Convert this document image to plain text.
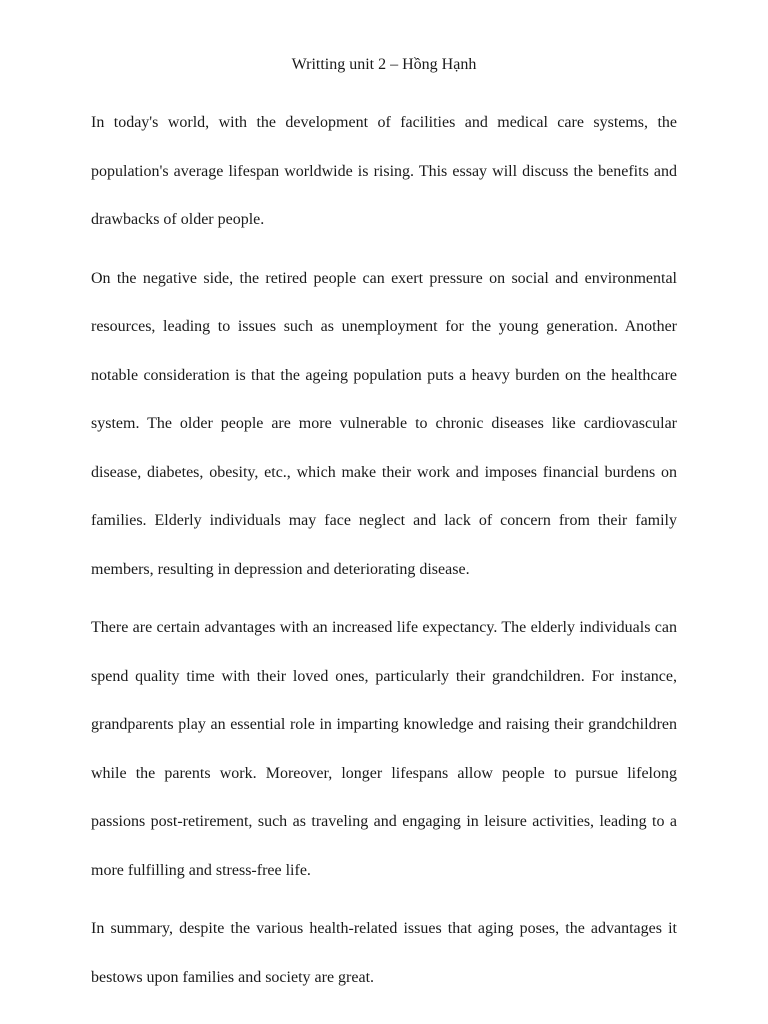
Writting unit 2 – Hồng Hạnh

In today's world, with the development of facilities and medical care systems, the population's average lifespan worldwide is rising. This essay will discuss the benefits and drawbacks of older people.

On the negative side, the retired people can exert pressure on social and environmental resources, leading to issues such as unemployment for the young generation. Another notable consideration is that the ageing population puts a heavy burden on the healthcare system. The older people are more vulnerable to chronic diseases like cardiovascular disease, diabetes, obesity, etc., which make their work and imposes financial burdens on families. Elderly individuals may face neglect and lack of concern from their family members, resulting in depression and deteriorating disease.

There are certain advantages with an increased life expectancy. The elderly individuals can spend quality time with their loved ones, particularly their grandchildren. For instance, grandparents play an essential role in imparting knowledge and raising their grandchildren while the parents work. Moreover, longer lifespans allow people to pursue lifelong passions post-retirement, such as traveling and engaging in leisure activities, leading to a more fulfilling and stress-free life.

In summary, despite the various health-related issues that aging poses, the advantages it bestows upon families and society are great.
